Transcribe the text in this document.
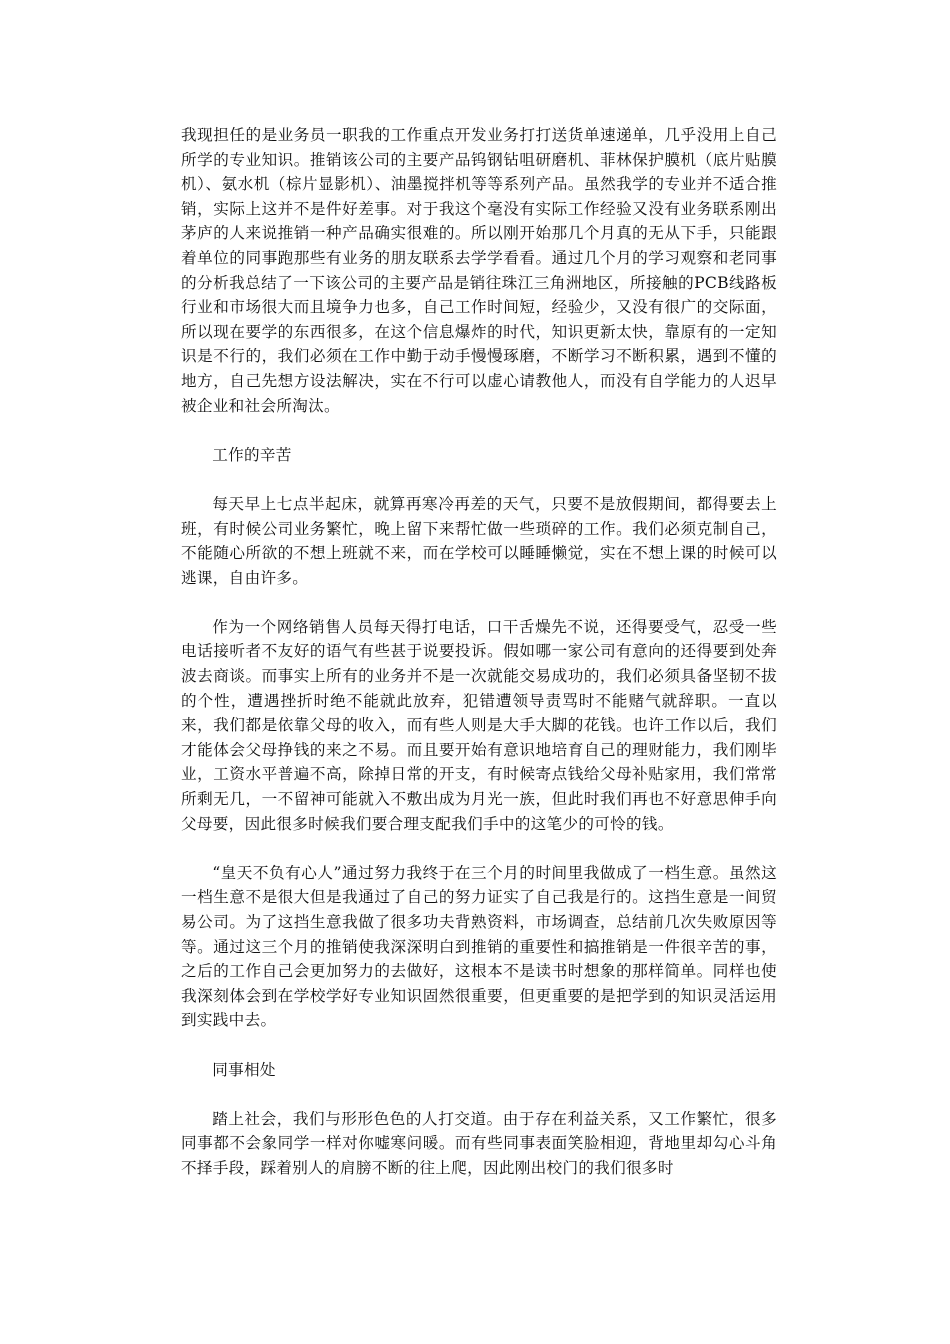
我现担任的是业务员一职我的工作重点开发业务打打送货单速递单，几乎没用上自己所学的专业知识。推销该公司的主要产品钨钢钻咀研磨机、菲林保护膜机（底片贴膜机）、氨水机（棕片显影机）、油墨搅拌机等等系列产品。虽然我学的专业并不适合推销，实际上这并不是件好差事。对于我这个毫没有实际工作经验又没有业务联系刚出茅庐的人来说推销一种产品确实很难的。所以刚开始那几个月真的无从下手，只能跟着单位的同事跑那些有业务的朋友联系去学学看看。通过几个月的学习观察和老同事的分析我总结了一下该公司的主要产品是销往珠江三角洲地区，所接触的PCB线路板行业和市场很大而且境争力也多，自己工作时间短，经验少，又没有很广的交际面，所以现在要学的东西很多，在这个信息爆炸的时代，知识更新太快，靠原有的一定知识是不行的，我们必须在工作中勤于动手慢慢琢磨，不断学习不断积累，遇到不懂的地方，自己先想方设法解决，实在不行可以虚心请教他人，而没有自学能力的人迟早被企业和社会所淘汰。

工作的辛苦

每天早上七点半起床，就算再寒冷再差的天气，只要不是放假期间，都得要去上班，有时候公司业务繁忙，晚上留下来帮忙做一些琐碎的工作。我们必须克制自己，不能随心所欲的不想上班就不来，而在学校可以睡睡懒觉，实在不想上课的时候可以逃课，自由许多。

作为一个网络销售人员每天得打电话，口干舌燥先不说，还得要受气，忍受一些电话接听者不友好的语气有些甚于说要投诉。假如哪一家公司有意向的还得要到处奔波去商谈。而事实上所有的业务并不是一次就能交易成功的，我们必须具备坚韧不拔的个性，遭遇挫折时绝不能就此放弃，犯错遭领导责骂时不能赌气就辞职。一直以来，我们都是依靠父母的收入，而有些人则是大手大脚的花钱。也许工作以后，我们才能体会父母挣钱的来之不易。而且要开始有意识地培育自己的理财能力，我们刚毕业，工资水平普遍不高，除掉日常的开支，有时候寄点钱给父母补贴家用，我们常常所剩无几，一不留神可能就入不敷出成为月光一族，但此时我们再也不好意思伸手向父母要，因此很多时候我们要合理支配我们手中的这笔少的可怜的钱。

“皇天不负有心人”通过努力我终于在三个月的时间里我做成了一档生意。虽然这一档生意不是很大但是我通过了自己的努力证实了自己我是行的。这挡生意是一间贸易公司。为了这挡生意我做了很多功夫背熟资料，市场调查，总结前几次失败原因等等。通过这三个月的推销使我深深明白到推销的重要性和搞推销是一件很辛苦的事，之后的工作自己会更加努力的去做好，这根本不是读书时想象的那样简单。同样也使我深刻体会到在学校学好专业知识固然很重要，但更重要的是把学到的知识灵活运用到实践中去。

同事相处

踏上社会，我们与形形色色的人打交道。由于存在利益关系，又工作繁忙，很多同事都不会象同学一样对你嘘寒问暖。而有些同事表面笑脸相迎，背地里却勾心斗角不择手段，踩着别人的肩膀不断的往上爬，因此刚出校门的我们很多时
